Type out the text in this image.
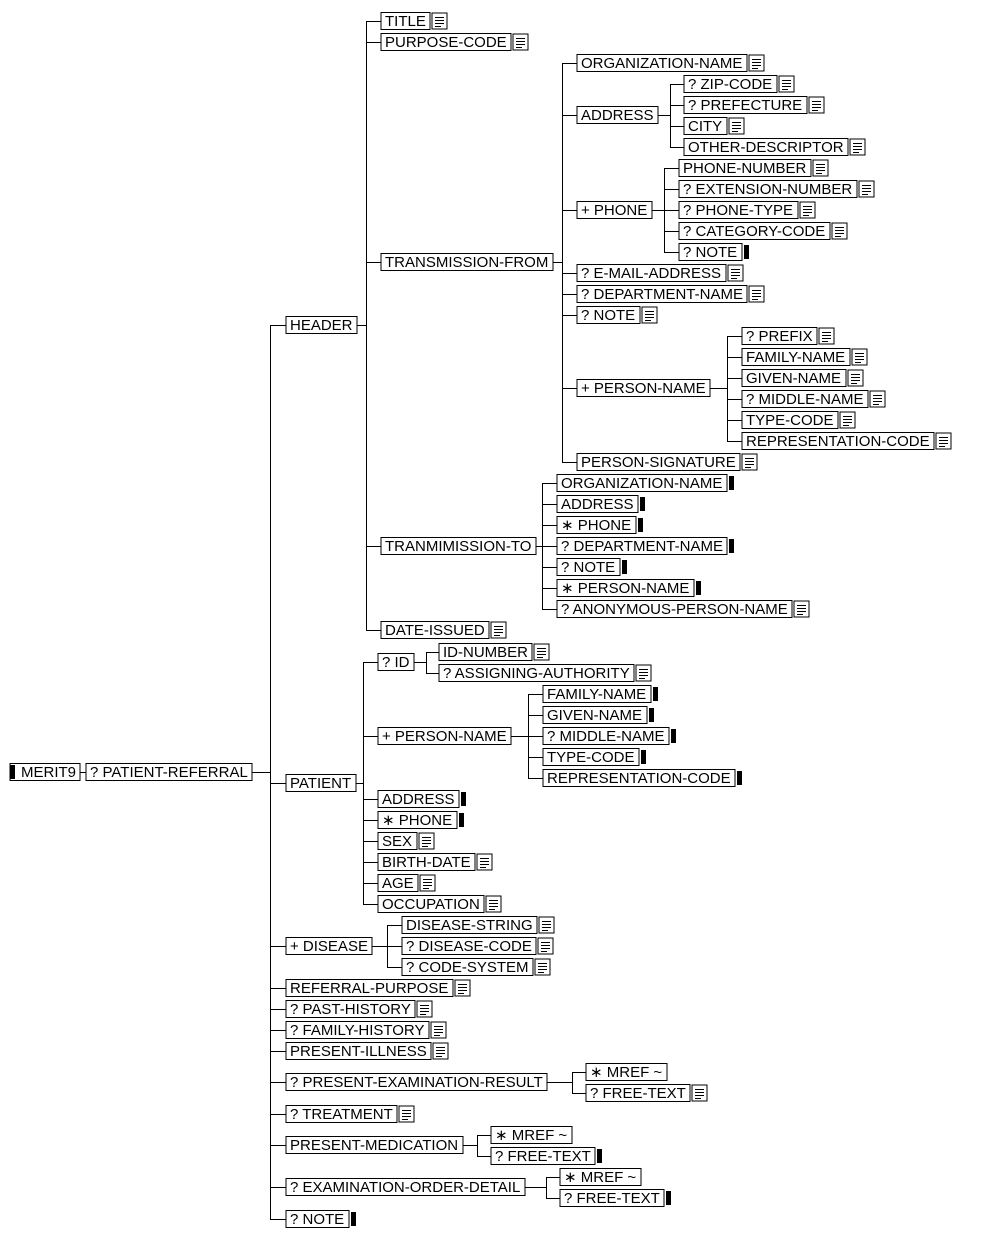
MERIT9 ? PATIENT-REFERRAL
HEADER
TITLE
PURPOSE-CODE
TRANSMISSION-FROM
ORGANIZATION-NAME
ADDRESS
? ZIP-CODE
? PREFECTURE
CITY
OTHER-DESCRIPTOR
+ PHONE
PHONE-NUMBER
? EXTENSION-NUMBER
? PHONE-TYPE
? CATEGORY-CODE
? NOTE
? E-MAIL-ADDRESS
? DEPARTMENT-NAME
? NOTE
+ PERSON-NAME
? PREFIX
FAMILY-NAME
GIVEN-NAME
? MIDDLE-NAME
TYPE-CODE
REPRESENTATION-CODE
PERSON-SIGNATURE
TRANMIMISSION-TO
ORGANIZATION-NAME
ADDRESS
∗ PHONE
? DEPARTMENT-NAME
? NOTE
∗ PERSON-NAME
? ANONYMOUS-PERSON-NAME
DATE-ISSUED
PATIENT
? ID
ID-NUMBER
? ASSIGNING-AUTHORITY
+ PERSON-NAME
FAMILY-NAME
GIVEN-NAME
? MIDDLE-NAME
TYPE-CODE
REPRESENTATION-CODE
ADDRESS
∗ PHONE
SEX
BIRTH-DATE
AGE
OCCUPATION
+ DISEASE
DISEASE-STRING
? DISEASE-CODE
? CODE-SYSTEM
REFERRAL-PURPOSE
? PAST-HISTORY
? FAMILY-HISTORY
PRESENT-ILLNESS
? PRESENT-EXAMINATION-RESULT
∗ MREF ~
? FREE-TEXT
? TREATMENT
PRESENT-MEDICATION
∗ MREF ~
? FREE-TEXT
? EXAMINATION-ORDER-DETAIL
∗ MREF ~
? FREE-TEXT
? NOTE
